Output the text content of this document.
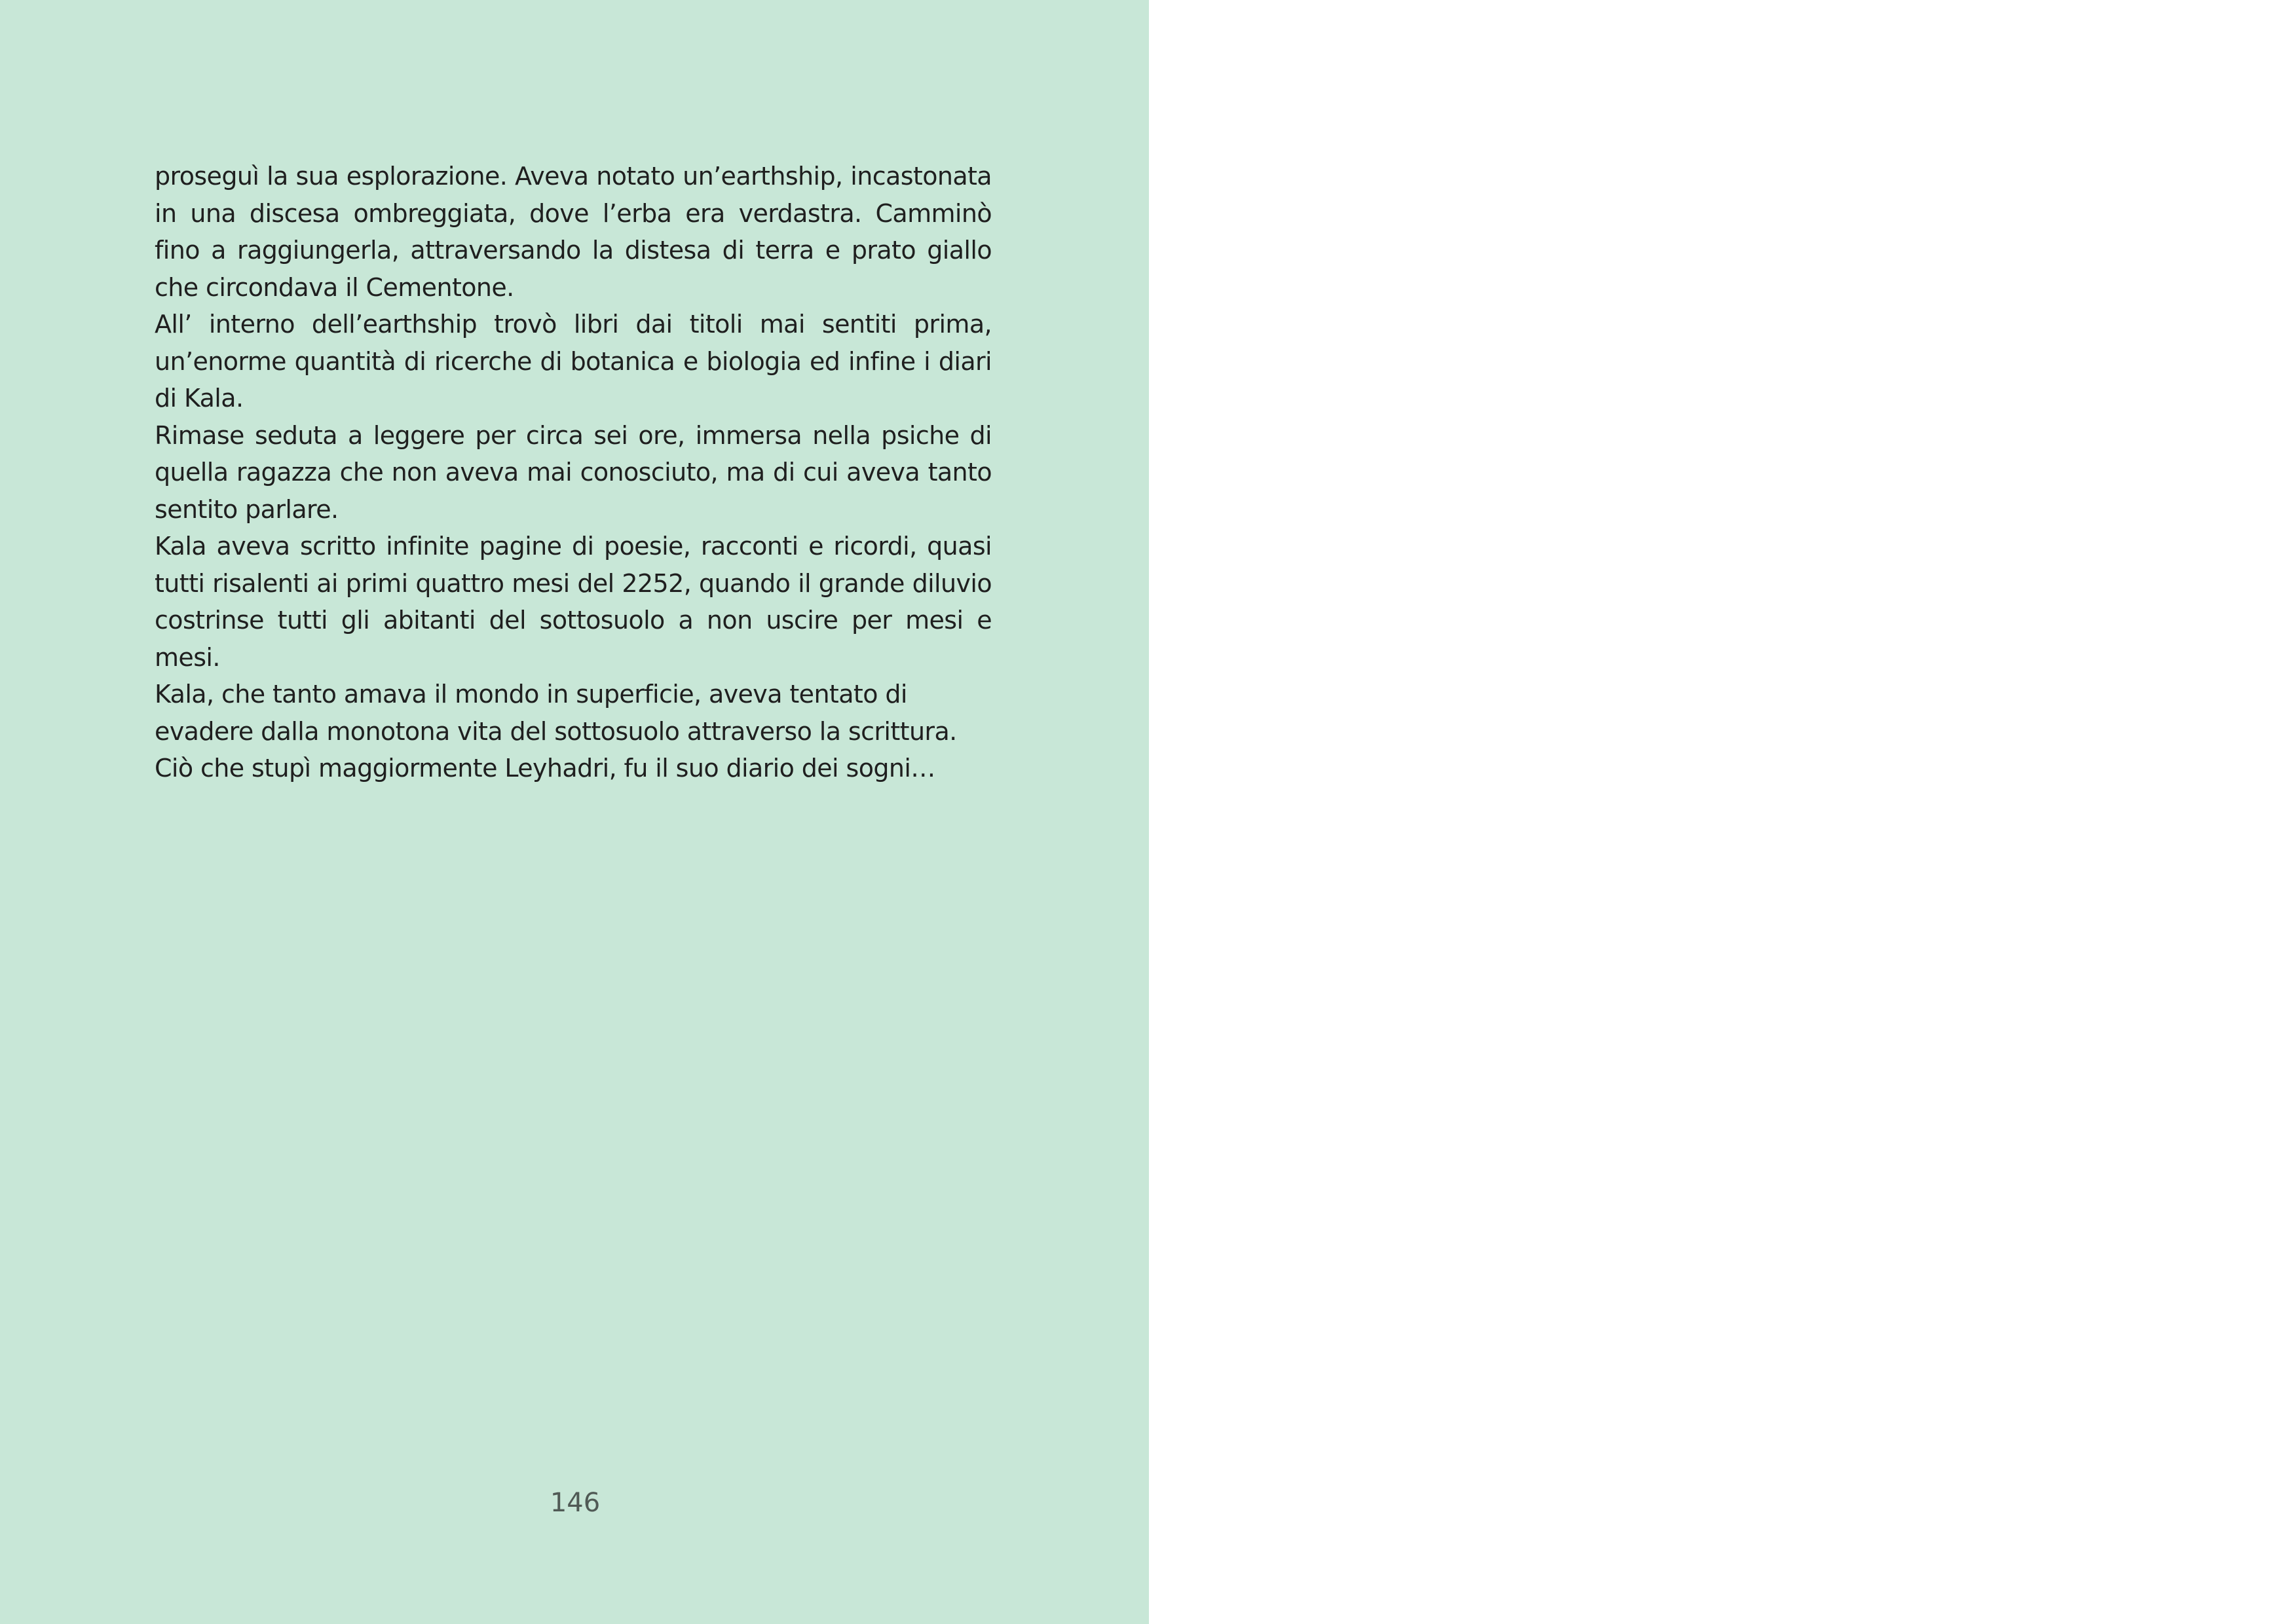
proseguì la sua esplorazione. Aveva notato un’earthship, incastonata in una discesa ombreggiata, dove l’erba era verdastra. Camminò fino a raggiungerla, attraversando la distesa di terra e prato giallo che circondava il Cementone.

All’ interno dell’earthship trovò libri dai titoli mai sentiti prima, un’enorme quantità di ricerche di botanica e biologia ed infine i diari di Kala.

Rimase seduta a leggere per circa sei ore, immersa nella psiche di quella ragazza che non aveva mai conosciuto, ma di cui aveva tanto sentito parlare.

Kala aveva scritto infinite pagine di poesie, racconti e ricordi, quasi tutti risalenti ai primi quattro mesi del 2252, quando il grande diluvio costrinse tutti gli abitanti del sottosuolo a non uscire per mesi e mesi.

Kala, che tanto amava il mondo in superficie, aveva tentato di evadere dalla monotona vita del sottosuolo attraverso la scrittura. Ciò che stupì maggiormente Leyhadri, fu il suo diario dei sogni…

146
